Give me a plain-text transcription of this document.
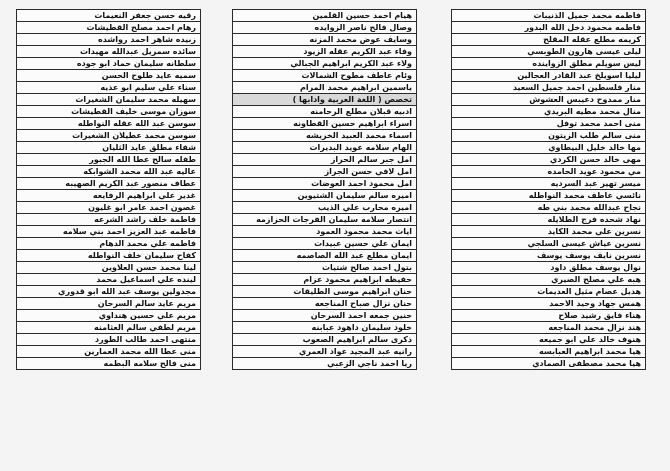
فاطمه محمد جميل الذنيبات
فاطمه محمود دخل الله البدور
كريمه مطلع عقله المقلح
ليلى عيسى هارون الطوبسي
ليس سويلم مطلق الزواينده
ليليا اسويلخ عبد القادر العجالين
منار فلسطين احمد جميل السعيد
منار ممدوح دعيبس العشوش
منال محمد مطيه البريدي
منى احمد محمد توفل
منى سالم طلب الزيتون
مها خالد خليل البيطاوي
مهى خالد حسن الكردي
مي محمود عويد الحامده
ميسر تهير عبد السرديه
نائسي عاطف محمد النواطله
نجاح عبدالله محمد بني طه
نهاد شحده فرج الطلايله
نسرين علي محمد الكايد
نسرين عياش عيسى السلجي
نسرين نايف يوسف يوسف
نوال يوسف مطلق داود
هبه علي مصلح الصيري
هديل عصام مثيل العديمات
همس جهاد وحيد الاحمد
هناء فايق رشيد صلاح
هند نزال محمد المناجعه
هنوف خالد علي ابو جميعه
هيا محمد ابراهيم العبابسه
هيا محمد مصطفى الصمادي
هيام احمد حسين القلمين
وصال فالح ناصر الزوايده
وسايف عوض محمد المزنه
وفاء عبد الكريم عقله الزيود
ولاء عبد الكريم ابراهيم الجبالي
وئام عاطف مطوح الشمالات
ياسمين ابراهيم محمد المرام
تخصص ( اللغة العربية وادابها )
ادبيه قبلان مطلع الرحامنه
اسراء ابراهيم حسين القطاونه
اسماء محمد العبيد الخريشه
الهام سلامه عويد البديرات
امل جبر سالم الحراز
امل لافي حسن الجراز
امل محمود احمد العوضات
اميره سالم سليمان الشتيوين
اميره محارب علي الذيب
انتصار سلامه سليمان الفرجات الحزازمه
ايات محمد محمود العمود
ايمان علي حسين عبيدات
ايمان مطلع عبد الله الصاصمه
بتول احمد صالح شتيات
حفيظه ابراهيم محمود عزام
حنان ابراهيم موسى الطليقات
حنان نزال صباح المناجعه
حنين جمعه احمد السرحان
خلود سليمان داهود عبابنه
ذكرى سالم ابراهيم الصعوب
رانيه عبد المجيد عواد العمري
ريا احمد ناجي الزعبي
رقيه حسن جعفر النعيمات
رهام احمد مصلح القطيشات
زبيده شاهر احمد رواشده
سائده سمريل عبدالله مهيدات
سلطانه سليمان حماد ابو جوده
سميه عايد طلوح الحسن
سناء علي سليم ابو عذيه
سهيله محمد سليمان الشغيرات
سوزان موسى خليف القطيشات
سوسن عبد الله عقله النواطله
سوسن محمد عطيلان الشغيرات
شفاء مطلق عايد الثليان
طفله سالح عطا الله الجبور
عاليه عبد الله محمد الشوابكه
عطاف منصور عبد الكريم الصهيبه
غدير علي ابراهيم الرفايعه
غصون احمد عامر ابو غليون
فاطمة خلف راشد الشرعه
فاطمه عبد العزيز احمد بني سلامه
فاطمه علي محمد الدهام
كفاح سليمان خلف النواطله
لينا محمد حسن العلاوين
لينده علي اسماعيل محمد
مجدولين يوسف عبد الله ابو قدوري
مريم عايد سالم السرحان
مريم علي حسين هنداوي
مريم لطفي سالم العثامنه
منتهى احمد طالب الطورد
منى عطا الله محمد العمارين
منى فالح سلامه البطمه
